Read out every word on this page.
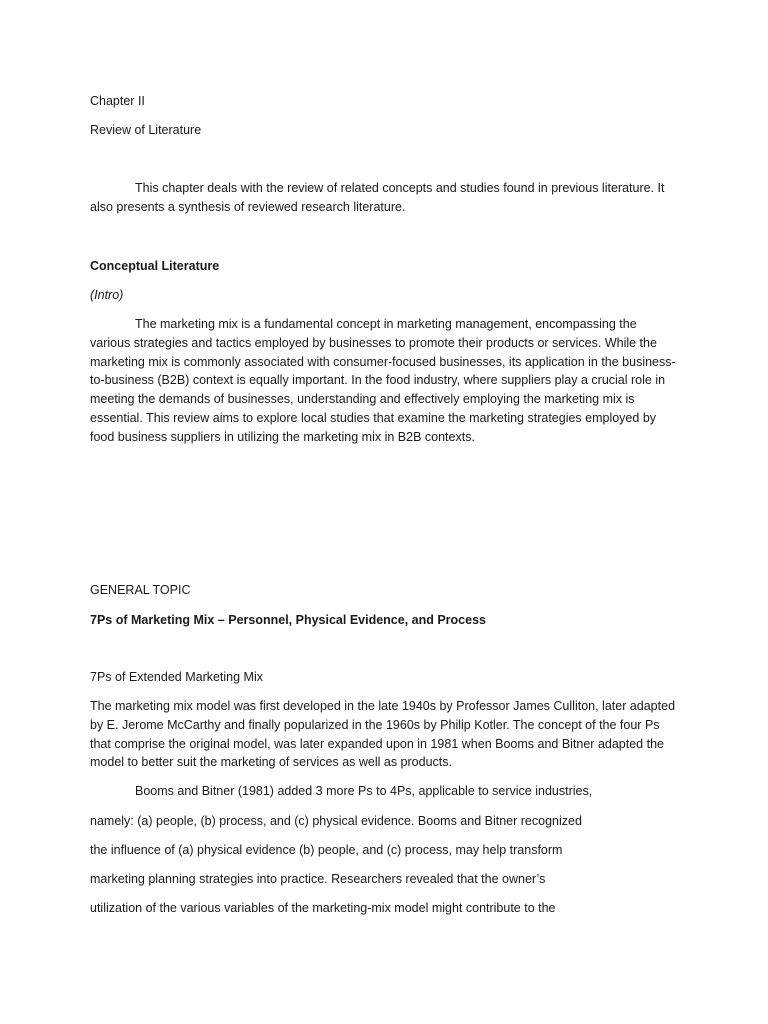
Chapter II
Review of Literature

This chapter deals with the review of related concepts and studies found in previous literature. It also presents a synthesis of reviewed research literature.

Conceptual Literature
(Intro)

The marketing mix is a fundamental concept in marketing management, encompassing the various strategies and tactics employed by businesses to promote their products or services. While the marketing mix is commonly associated with consumer-focused businesses, its application in the business-to-business (B2B) context is equally important. In the food industry, where suppliers play a crucial role in meeting the demands of businesses, understanding and effectively employing the marketing mix is essential. This review aims to explore local studies that examine the marketing strategies employed by food business suppliers in utilizing the marketing mix in B2B contexts.

GENERAL TOPIC
7Ps of Marketing Mix – Personnel, Physical Evidence, and Process
7Ps of Extended Marketing Mix

The marketing mix model was first developed in the late 1940s by Professor James Culliton, later adapted by E. Jerome McCarthy and finally popularized in the 1960s by Philip Kotler. The concept of the four Ps that comprise the original model, was later expanded upon in 1981 when Booms and Bitner adapted the model to better suit the marketing of services as well as products.

Booms and Bitner (1981) added 3 more Ps to 4Ps, applicable to service industries,
namely: (a) people, (b) process, and (c) physical evidence. Booms and Bitner recognized
the influence of (a) physical evidence (b) people, and (c) process, may help transform
marketing planning strategies into practice. Researchers revealed that the owner’s
utilization of the various variables of the marketing-mix model might contribute to the
